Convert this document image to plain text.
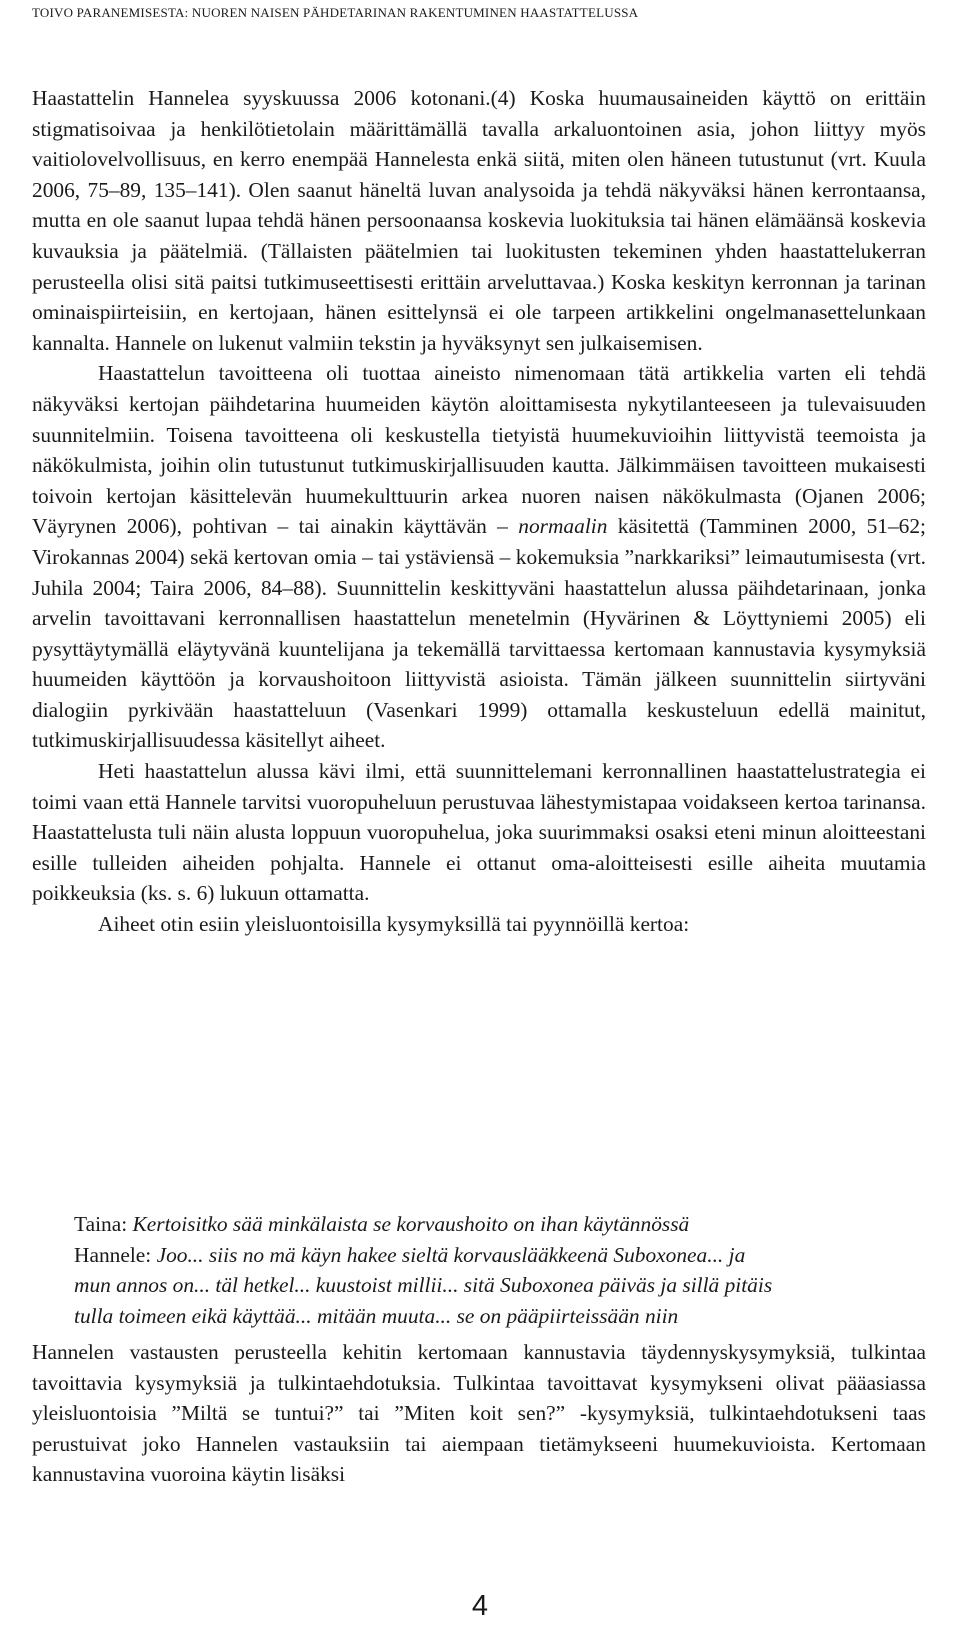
TOIVO PARANEMISESTA: NUOREN NAISEN PÄHDETARINAN RAKENTUMINEN HAASTATTELUSSA

Haastattelin Hannelea syyskuussa 2006 kotonani.(4) Koska huumausaineiden käyttö on erittäin stigmatisoivaa ja henkilötietolain määrittämällä tavalla arkaluontoinen asia, johon liittyy myös vaitiolovelvollisuus, en kerro enempää Hannelesta enkä siitä, miten olen häneen tutustunut (vrt. Kuula 2006, 75–89, 135–141). Olen saanut häneltä luvan analysoida ja tehdä näkyväksi hänen kerrontaansa, mutta en ole saanut lupaa tehdä hänen persoonaansa koskevia luokituksia tai hänen elämäänsä koskevia kuvauksia ja päätelmiä. (Tällaisten päätelmien tai luokitusten tekeminen yhden haastattelukerran perusteella olisi sitä paitsi tutkimuseettisesti erittäin arveluttavaa.) Koska keskityn kerronnan ja tarinan ominaispiirteisiin, en kertojaan, hänen esittelynsä ei ole tarpeen artikkelini ongelmanasettelunkaan kannalta. Hannele on lukenut valmiin tekstin ja hyväksynyt sen julkaisemisen.

Haastattelun tavoitteena oli tuottaa aineisto nimenomaan tätä artikkelia varten eli tehdä näkyväksi kertojan päihdetarina huumeiden käytön aloittamisesta nykytilanteeseen ja tulevaisuuden suunnitelmiin. Toisena tavoitteena oli keskustella tietyistä huumekuvioihin liittyvistä teemoista ja näkökulmista, joihin olin tutustunut tutkimuskirjallisuuden kautta. Jälkimmäisen tavoitteen mukaisesti toivoin kertojan käsittelevän huumekulttuurin arkea nuoren naisen näkökulmasta (Ojanen 2006; Väyrynen 2006), pohtivan – tai ainakin käyttävän – normaalin käsitettä (Tamminen 2000, 51–62; Virokannas 2004) sekä kertovan omia – tai ystäviensä – kokemuksia ”narkkariksi” leimautumisesta (vrt. Juhila 2004; Taira 2006, 84–88). Suunnittelin keskittyväni haastattelun alussa päihdetarinaan, jonka arvelin tavoittavani kerronnallisen haastattelun menetelmin (Hyvärinen & Löyttyniemi 2005) eli pysyttäytymällä eläytyvänä kuuntelijana ja tekemällä tarvittaessa kertomaan kannustavia kysymyksiä huumeiden käyttöön ja korvaushoitoon liittyvistä asioista. Tämän jälkeen suunnittelin siirtyväni dialogiin pyrkivään haastatteluun (Vasenkari 1999) ottamalla keskusteluun edellä mainitut, tutkimuskirjallisuudessa käsitellyt aiheet.

Heti haastattelun alussa kävi ilmi, että suunnittelemani kerronnallinen haastattelustrategia ei toimi vaan että Hannele tarvitsi vuoropuheluun perustuvaa lähestymistapaa voidakseen kertoa tarinansa. Haastattelusta tuli näin alusta loppuun vuoropuhelua, joka suurimmaksi osaksi eteni minun aloitteestani esille tulleiden aiheiden pohjalta. Hannele ei ottanut oma-aloitteisesti esille aiheita muutamia poikkeuksia (ks. s. 6) lukuun ottamatta.

Aiheet otin esiin yleisluontoisilla kysymyksillä tai pyynnöillä kertoa:

Taina: Kertoisitko sää minkälaista se korvaushoito on ihan käytännössä
Hannele: Joo... siis no mä käyn hakee sieltä korvauslääkkeenä Suboxonea... ja
mun annos on... täl hetkel... kuustoist millii... sitä Suboxonea päiväs ja sillä pitäis
tulla toimeen eikä käyttää... mitään muuta... se on pääpiirteissään niin

Hannelen vastausten perusteella kehitin kertomaan kannustavia täydennyskysymyksiä, tulkintaa tavoittavia kysymyksiä ja tulkintaehdotuksia. Tulkintaa tavoittavat kysymykseni olivat pääasiassa yleisluontoisia ”Miltä se tuntui?” tai ”Miten koit sen?” -kysymyksiä, tulkintaehdotukseni taas perustuivat joko Hannelen vastauksiin tai aiempaan tietämykseeni huumekuvioista. Kertomaan kannustavina vuoroina käytin lisäksi

4
